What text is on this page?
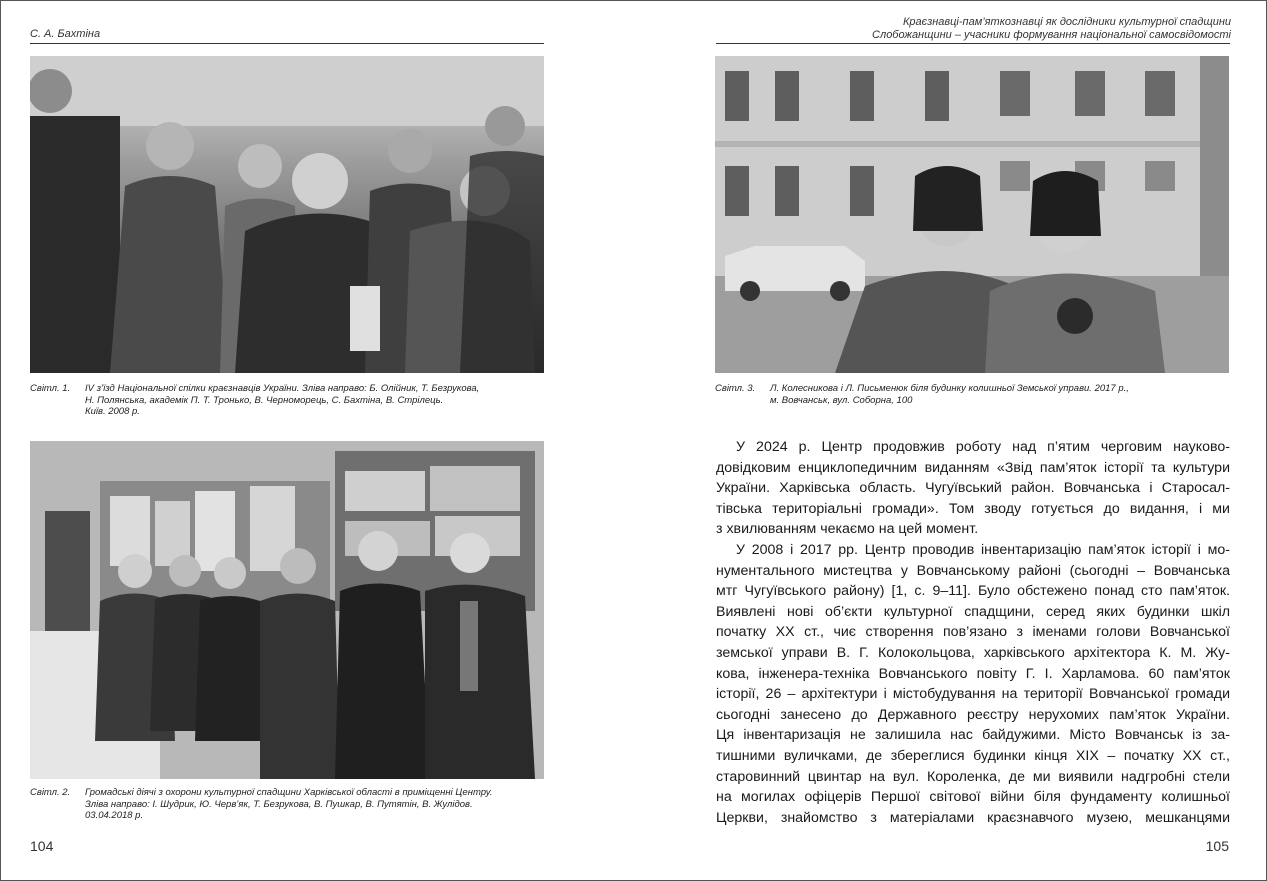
С. А. Бахтіна
Краєзнавці-пам’яткознавці як дослідники культурної спадщини
Слобожанщини – учасники формування національної самосвідомості
Світл. 1. IV з’їзд Національної спілки краєзнавців України. Зліва направо: Б. Олійник, Т. Безрукова,
Н. Полянська, академік П. Т. Тронько, В. Черноморець, С. Бахтіна, В. Стрілець.
Київ. 2008 р.
Світл. 2. Громадські діячі з охорони культурної спадщини Харківської області в приміщенні Центру.
Зліва направо: І. Шудрик, Ю. Черв’як, Т. Безрукова, В. Пушкар, В. Путятін, В. Жулідов.
03.04.2018 р.
Світл. 3. Л. Колесникова і Л. Письменюк біля будинку колишньої Земської управи. 2017 р.,
м. Вовчанськ, вул. Соборна, 100
У 2024 р. Центр продовжив роботу над п’ятим черговим науково-
довідковим енциклопедичним виданням «Звід пам’яток історії та культури
України. Харківська область. Чугуївський район. Вовчанська і Старосал-
тівська територіальні громади». Том зводу готується до видання, і ми
з хвилюванням чекаємо на цей момент.
У 2008 і 2017 рр. Центр проводив інвентаризацію пам’яток історії і мо-
нументального мистецтва у Вовчанському районі (сьогодні – Вовчанська
мтг Чугуївського району) [1, с. 9–11]. Було обстежено понад сто пам’яток.
Виявлені нові об’єкти культурної спадщини, серед яких будинки шкіл
початку XX ст., чиє створення пов’язано з іменами голови Вовчанської
земської управи В. Г. Колокольцова, харківського архітектора К. М. Жу-
кова, інженера-техніка Вовчанського повіту Г. І. Харламова. 60 пам’яток
історії, 26 – архітектури і містобудування на території Вовчанської громади
сьогодні занесено до Державного реєстру нерухомих пам’яток України.
Ця інвентаризація не залишила нас байдужими. Місто Вовчанськ із за-
тишними вуличками, де збереглися будинки кінця XIX – початку XX ст.,
старовинний цвинтар на вул. Короленка, де ми виявили надгробні стели
на могилах офіцерів Першої світової війни біля фундаменту колишньої
Церкви, знайомство з матеріалами краєзнавчого музею, мешканцями
104	105
